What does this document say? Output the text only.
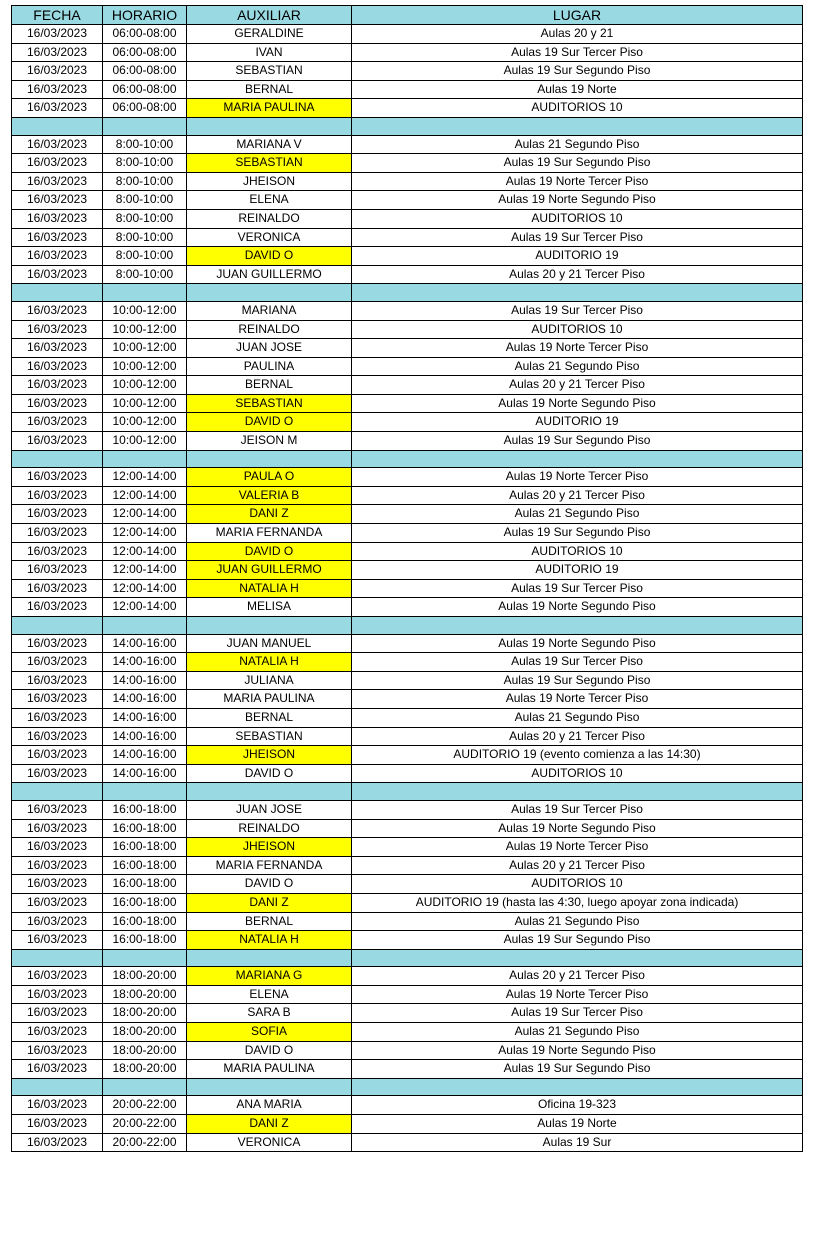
FECHA	HORARIO	AUXILIAR	LUGAR
16/03/2023	06:00-08:00	GERALDINE	Aulas 20 y 21
16/03/2023	06:00-08:00	IVAN	Aulas 19 Sur Tercer Piso
16/03/2023	06:00-08:00	SEBASTIAN	Aulas 19 Sur Segundo Piso
16/03/2023	06:00-08:00	BERNAL	Aulas 19 Norte
16/03/2023	06:00-08:00	MARIA PAULINA	AUDITORIOS 10

16/03/2023	8:00-10:00	MARIANA V	Aulas 21 Segundo Piso
16/03/2023	8:00-10:00	SEBASTIAN	Aulas 19 Sur Segundo Piso
16/03/2023	8:00-10:00	JHEISON	Aulas 19 Norte Tercer Piso
16/03/2023	8:00-10:00	ELENA	Aulas 19 Norte Segundo Piso
16/03/2023	8:00-10:00	REINALDO	AUDITORIOS 10
16/03/2023	8:00-10:00	VERONICA	Aulas 19 Sur Tercer Piso
16/03/2023	8:00-10:00	DAVID O	AUDITORIO 19
16/03/2023	8:00-10:00	JUAN GUILLERMO	Aulas 20 y 21 Tercer Piso

16/03/2023	10:00-12:00	MARIANA	Aulas 19 Sur Tercer Piso
16/03/2023	10:00-12:00	REINALDO	AUDITORIOS 10
16/03/2023	10:00-12:00	JUAN JOSE	Aulas 19 Norte Tercer Piso
16/03/2023	10:00-12:00	PAULINA	Aulas 21 Segundo Piso
16/03/2023	10:00-12:00	BERNAL	Aulas 20 y 21 Tercer Piso
16/03/2023	10:00-12:00	SEBASTIAN	Aulas 19 Norte Segundo Piso
16/03/2023	10:00-12:00	DAVID O	AUDITORIO 19
16/03/2023	10:00-12:00	JEISON M	Aulas 19 Sur Segundo Piso

16/03/2023	12:00-14:00	PAULA O	Aulas 19 Norte Tercer Piso
16/03/2023	12:00-14:00	VALERIA B	Aulas 20 y 21 Tercer Piso
16/03/2023	12:00-14:00	DANI Z	Aulas 21 Segundo Piso
16/03/2023	12:00-14:00	MARIA FERNANDA	Aulas 19 Sur Segundo Piso
16/03/2023	12:00-14:00	DAVID O	AUDITORIOS 10
16/03/2023	12:00-14:00	JUAN GUILLERMO	AUDITORIO 19
16/03/2023	12:00-14:00	NATALIA H	Aulas 19 Sur Tercer Piso
16/03/2023	12:00-14:00	MELISA	Aulas 19 Norte Segundo Piso

16/03/2023	14:00-16:00	JUAN MANUEL	Aulas 19 Norte Segundo Piso
16/03/2023	14:00-16:00	NATALIA H	Aulas 19 Sur Tercer Piso
16/03/2023	14:00-16:00	JULIANA	Aulas 19 Sur Segundo Piso
16/03/2023	14:00-16:00	MARIA PAULINA	Aulas 19 Norte Tercer Piso
16/03/2023	14:00-16:00	BERNAL	Aulas 21 Segundo Piso
16/03/2023	14:00-16:00	SEBASTIAN	Aulas 20 y 21 Tercer Piso
16/03/2023	14:00-16:00	JHEISON	AUDITORIO 19 (evento comienza a las 14:30)
16/03/2023	14:00-16:00	DAVID O	AUDITORIOS 10

16/03/2023	16:00-18:00	JUAN JOSE	Aulas 19 Sur Tercer Piso
16/03/2023	16:00-18:00	REINALDO	Aulas 19 Norte Segundo Piso
16/03/2023	16:00-18:00	JHEISON	Aulas 19 Norte Tercer Piso
16/03/2023	16:00-18:00	MARIA FERNANDA	Aulas 20 y 21 Tercer Piso
16/03/2023	16:00-18:00	DAVID O	AUDITORIOS 10
16/03/2023	16:00-18:00	DANI Z	AUDITORIO 19 (hasta las 4:30, luego apoyar zona indicada)
16/03/2023	16:00-18:00	BERNAL	Aulas 21 Segundo Piso
16/03/2023	16:00-18:00	NATALIA H	Aulas 19 Sur Segundo Piso

16/03/2023	18:00-20:00	MARIANA G	Aulas 20 y 21 Tercer Piso
16/03/2023	18:00-20:00	ELENA	Aulas 19 Norte Tercer Piso
16/03/2023	18:00-20:00	SARA B	Aulas 19 Sur Tercer Piso
16/03/2023	18:00-20:00	SOFIA	Aulas 21 Segundo Piso
16/03/2023	18:00-20:00	DAVID O	Aulas 19 Norte Segundo Piso
16/03/2023	18:00-20:00	MARIA PAULINA	Aulas 19 Sur Segundo Piso

16/03/2023	20:00-22:00	ANA MARIA	Oficina 19-323
16/03/2023	20:00-22:00	DANI Z	Aulas 19 Norte
16/03/2023	20:00-22:00	VERONICA	Aulas 19 Sur
